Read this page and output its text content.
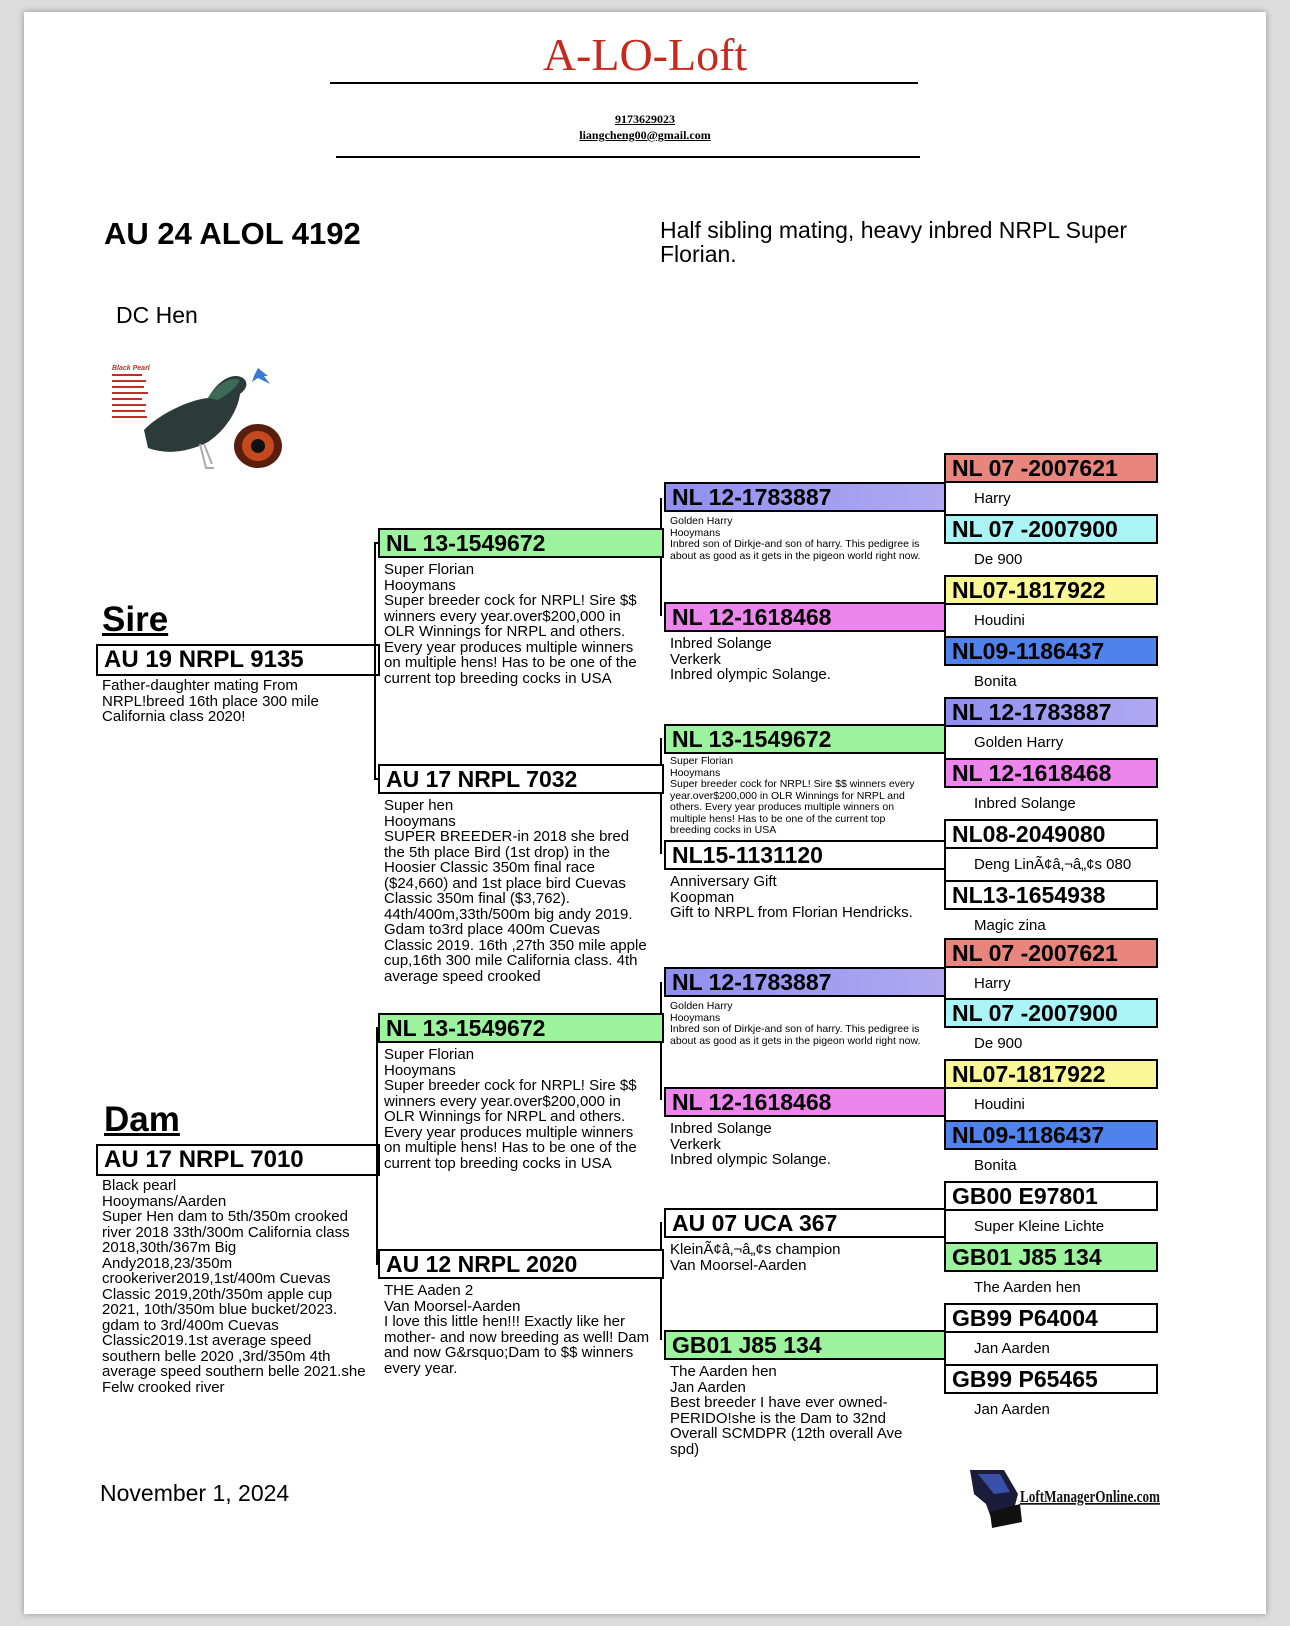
A-LO-Loft
9173629023
liangcheng00@gmail.com
AU 24 ALOL 4192	Half sibling mating, heavy inbred NRPL Super Florian.
DC Hen
Black Pearl
Sire
AU 19 NRPL 9135
Father-daughter mating From
NRPL!breed 16th place 300 mile
California class 2020!
Dam
AU 17 NRPL 7010
Black pearl
Hooymans/Aarden
Super Hen dam to 5th/350m crooked river 2018 33th/300m California class 2018,30th/367m Big Andy2018,23/350m crookeriver2019,1st/400m Cuevas Classic 2019,20th/350m apple cup 2021, 10th/350m blue bucket/2023. gdam to 3rd/400m Cuevas Classic2019.1st average speed southern belle 2020 ,3rd/350m 4th average speed southern belle 2021.she Felw crooked river
NL 13-1549672
Super Florian
Hooymans
Super breeder cock for NRPL! Sire $$ winners every year.over$200,000 in OLR Winnings for NRPL and others. Every year produces multiple winners on multiple hens! Has to be one of the current top breeding cocks in USA
AU 17 NRPL 7032
Super hen
Hooymans
SUPER BREEDER-in 2018 she bred the 5th place Bird (1st drop) in the Hoosier Classic 350m final race ($24,660) and 1st place bird Cuevas Classic 350m final ($3,762). 44th/400m,33th/500m big andy 2019. Gdam to3rd place 400m Cuevas Classic 2019. 16th ,27th 350 mile apple cup,16th 300 mile California class. 4th average speed crooked
NL 13-1549672
Super Florian
Hooymans
Super breeder cock for NRPL! Sire $$ winners every year.over$200,000 in OLR Winnings for NRPL and others. Every year produces multiple winners on multiple hens! Has to be one of the current top breeding cocks in USA
AU 12 NRPL 2020
THE Aaden 2
Van Moorsel-Aarden
I love this little hen!!! Exactly like her mother- and now breeding as well! Dam and now G&rsquo;Dam to $$ winners every year.
NL 12-1783887
Golden Harry
Hooymans
Inbred son of Dirkje-and son of harry. This pedigree is about as good as it gets in the pigeon world right now.
NL 12-1618468
Inbred Solange
Verkerk
Inbred olympic Solange.
NL 13-1549672
Super Florian
Hooymans
Super breeder cock for NRPL! Sire $$ winners every year.over$200,000 in OLR Winnings for NRPL and others. Every year produces multiple winners on multiple hens! Has to be one of the current top breeding cocks in USA
NL15-1131120
Anniversary Gift
Koopman
Gift to NRPL from Florian Hendricks.
NL 12-1783887
Golden Harry
Hooymans
Inbred son of Dirkje-and son of harry. This pedigree is about as good as it gets in the pigeon world right now.
NL 12-1618468
Inbred Solange
Verkerk
Inbred olympic Solange.
AU 07 UCA 367
KleinÃ¢â‚¬â„¢s champion
Van Moorsel-Aarden
GB01 J85 134
The Aarden hen
Jan Aarden
Best breeder I have ever owned-PERIDO!she is the Dam to 32nd Overall SCMDPR (12th overall Ave spd)
NL 07 -2007621
Harry
NL 07 -2007900
De 900
NL07-1817922
Houdini
NL09-1186437
Bonita
NL 12-1783887
Golden Harry
NL 12-1618468
Inbred Solange
NL08-2049080
Deng LinÃ¢â‚¬â„¢s 080
NL13-1654938
Magic zina
NL 07 -2007621
Harry
NL 07 -2007900
De 900
NL07-1817922
Houdini
NL09-1186437
Bonita
GB00 E97801
Super Kleine Lichte
GB01 J85 134
The Aarden hen
GB99 P64004
Jan Aarden
GB99 P65465
Jan Aarden
November 1, 2024	LoftManagerOnline.com
